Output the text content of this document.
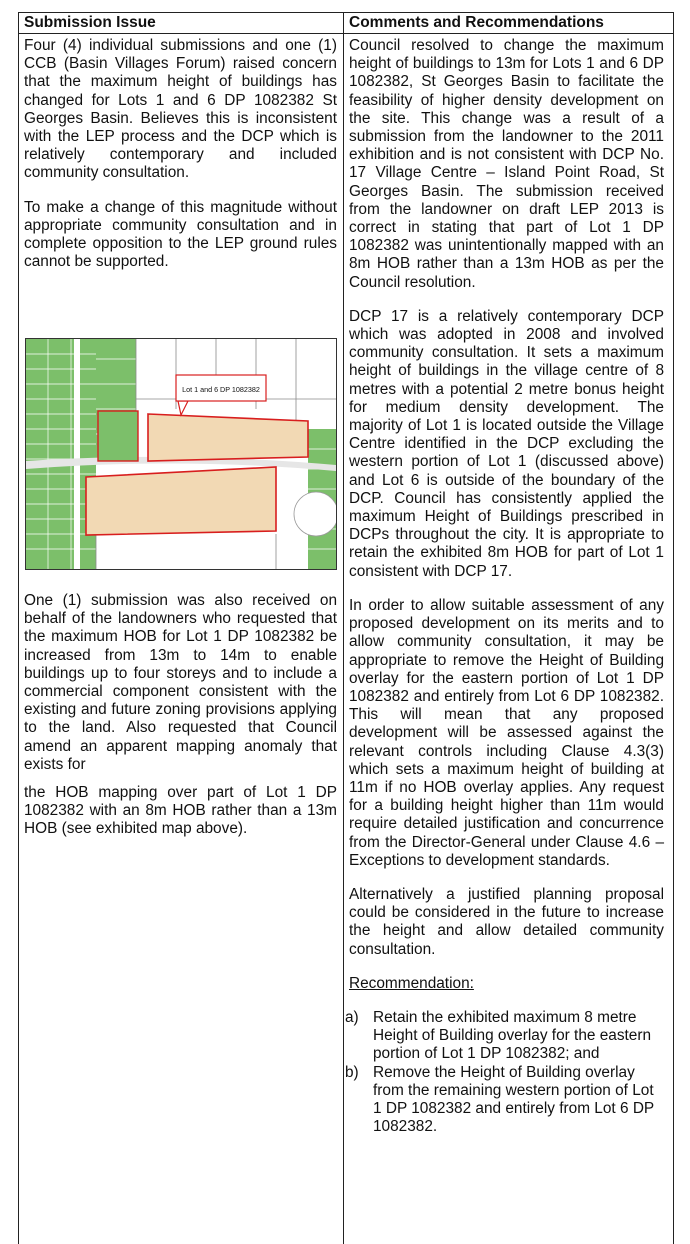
Submission Issue	Comments and Recommendations

Four (4) individual submissions and one (1) CCB (Basin Villages Forum) raised concern that the maximum height of buildings has changed for Lots 1 and 6 DP 1082382 St Georges Basin. Believes this is inconsistent with the LEP process and the DCP which is relatively contemporary and included community consultation.

To make a change of this magnitude without appropriate community consultation and in complete opposition to the LEP ground rules cannot be supported.

Lot 1 and 6 DP 1082382

One (1) submission was also received on behalf of the landowners who requested that the maximum HOB for Lot 1 DP 1082382 be increased from 13m to 14m to enable buildings up to four storeys and to include a commercial component consistent with the existing and future zoning provisions applying to the land. Also requested that Council amend an apparent mapping anomaly that exists for

the HOB mapping over part of Lot 1 DP 1082382 with an 8m HOB rather than a 13m HOB (see exhibited map above).

Council resolved to change the maximum height of buildings to 13m for Lots 1 and 6 DP 1082382, St Georges Basin to facilitate the feasibility of higher density development on the site. This change was a result of a submission from the landowner to the 2011 exhibition and is not consistent with DCP No. 17 Village Centre – Island Point Road, St Georges Basin. The submission received from the landowner on draft LEP 2013 is correct in stating that part of Lot 1 DP 1082382 was unintentionally mapped with an 8m HOB rather than a 13m HOB as per the Council resolution.

DCP 17 is a relatively contemporary DCP which was adopted in 2008 and involved community consultation. It sets a maximum height of buildings in the village centre of 8 metres with a potential 2 metre bonus height for medium density development. The majority of Lot 1 is located outside the Village Centre identified in the DCP excluding the western portion of Lot 1 (discussed above) and Lot 6 is outside of the boundary of the DCP. Council has consistently applied the maximum Height of Buildings prescribed in DCPs throughout the city. It is appropriate to retain the exhibited 8m HOB for part of Lot 1 consistent with DCP 17.

In order to allow suitable assessment of any proposed development on its merits and to allow community consultation, it may be appropriate to remove the Height of Building overlay for the eastern portion of Lot 1 DP 1082382 and entirely from Lot 6 DP 1082382. This will mean that any proposed development will be assessed against the relevant controls including Clause 4.3(3) which sets a maximum height of building at 11m if no HOB overlay applies. Any request for a building height higher than 11m would require detailed justification and concurrence from the Director-General under Clause 4.6 – Exceptions to development standards.

Alternatively a justified planning proposal could be considered in the future to increase the height and allow detailed community consultation.

Recommendation:

a) Retain the exhibited maximum 8 metre Height of Building overlay for the eastern portion of Lot 1 DP 1082382; and
b) Remove the Height of Building overlay from the remaining western portion of Lot 1 DP 1082382 and entirely from Lot 6 DP 1082382.
